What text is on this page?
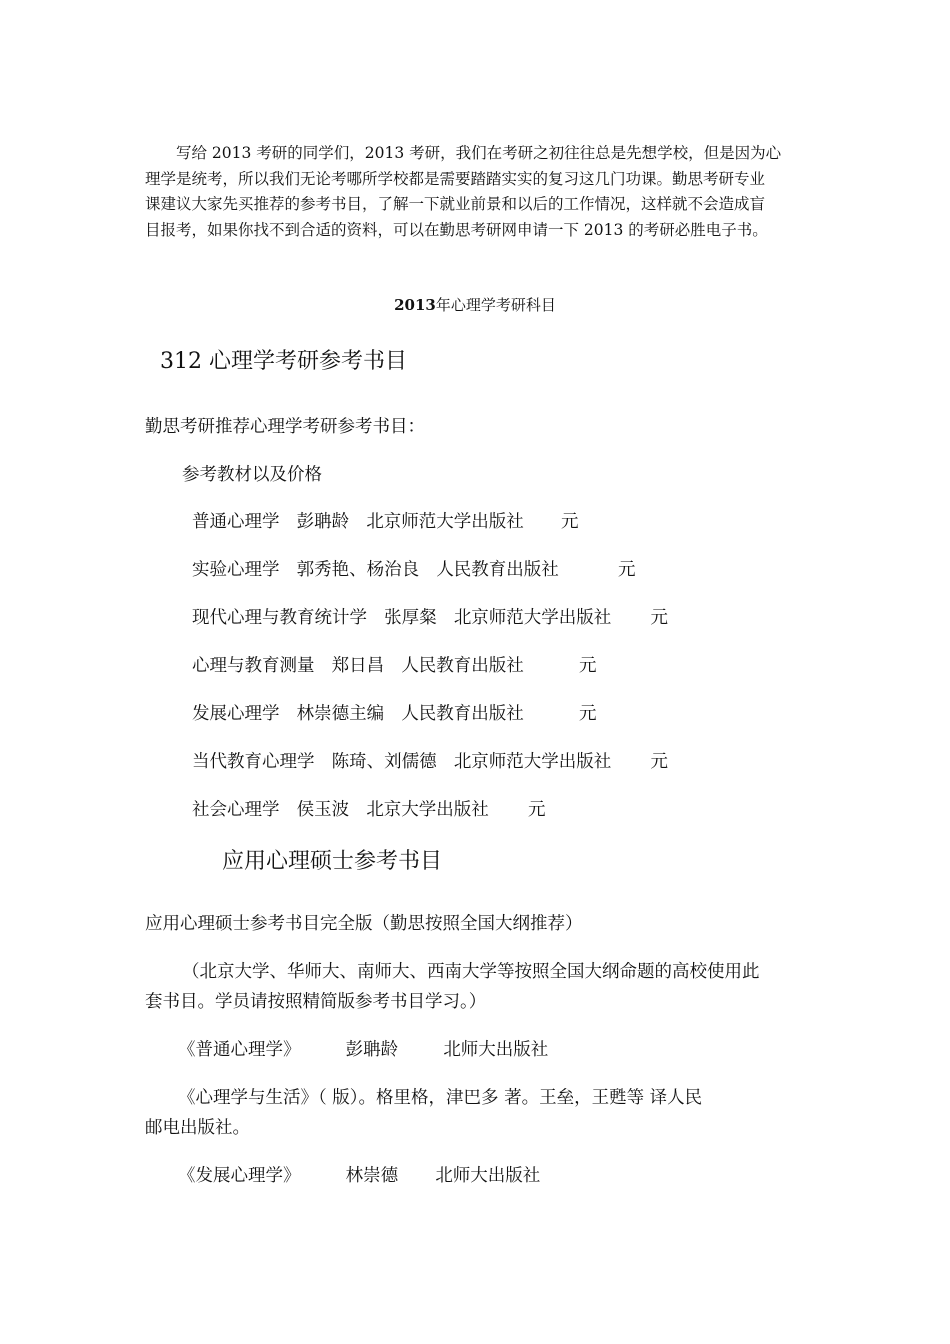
写给 2013 考研的同学们，2013 考研，我们在考研之初往往总是先想学校，但是因为心
理学是统考，所以我们无论考哪所学校都是需要踏踏实实的复习这几门功课。勤思考研专业
课建议大家先买推荐的参考书目，了解一下就业前景和以后的工作情况，这样就不会造成盲
目报考，如果你找不到合适的资料，可以在勤思考研网申请一下 2013 的考研必胜电子书。
2013年心理学考研科目
312 心理学考研参考书目
勤思考研推荐心理学考研参考书目：
参考教材以及价格
普通心理学 彭聃龄 北京师范大学出版社 元
实验心理学 郭秀艳、杨治良 人民教育出版社	元
现代心理与教育统计学 张厚粲 北京师范大学出版社 元
心理与教育测量 郑日昌 人民教育出版社	元
发展心理学 林崇德主编 人民教育出版社	元
当代教育心理学 陈琦、刘儒德 北京师范大学出版社 元
社会心理学 侯玉波 北京大学出版社 元
应用心理硕士参考书目
应用心理硕士参考书目完全版（勤思按照全国大纲推荐）
（北京大学、华师大、南师大、西南大学等按照全国大纲命题的高校使用此
套书目。学员请按照精简版参考书目学习。）
《普通心理学》	彭聃龄	北师大出版社
《心理学与生活》（ 版）。格里格，津巴多 著。王垒，王甦等 译人民
邮电出版社。
《发展心理学》	林崇德 北师大出版社
